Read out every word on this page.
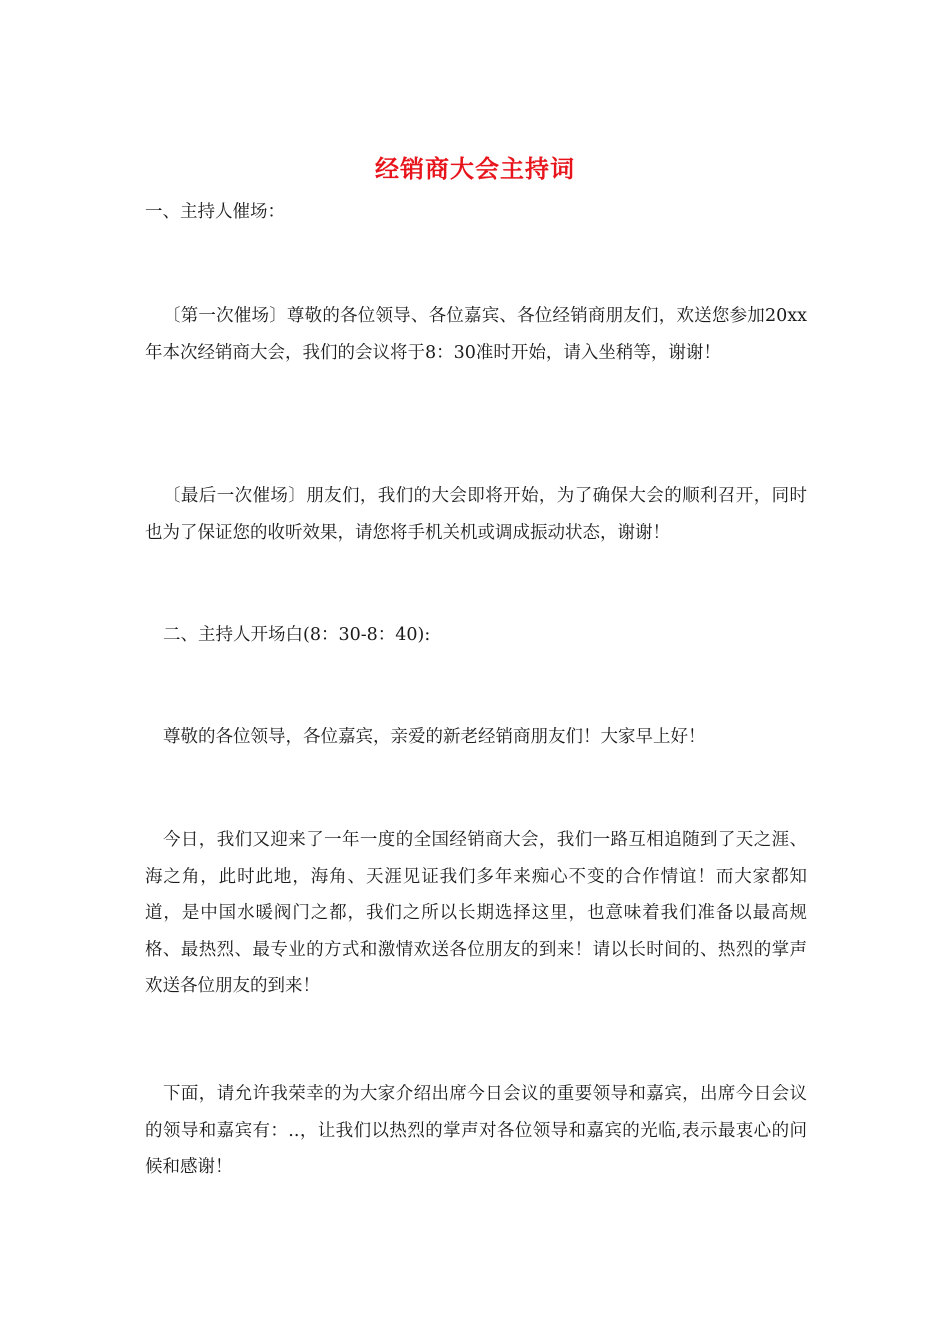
经销商大会主持词

一、主持人催场：

〔第一次催场〕尊敬的各位领导、各位嘉宾、各位经销商朋友们，欢送您参加20xx年本次经销商大会，我们的会议将于8：30准时开始，请入坐稍等，谢谢！

〔最后一次催场〕朋友们，我们的大会即将开始，为了确保大会的顺利召开，同时也为了保证您的收听效果，请您将手机关机或调成振动状态，谢谢！

二、主持人开场白(8：30-8：40):

尊敬的各位领导，各位嘉宾，亲爱的新老经销商朋友们！大家早上好！

今日，我们又迎来了一年一度的全国经销商大会，我们一路互相追随到了天之涯、海之角，此时此地，海角、天涯见证我们多年来痴心不变的合作情谊！而大家都知道，是中国水暖阀门之都，我们之所以长期选择这里，也意味着我们准备以最高规格、最热烈、最专业的方式和激情欢送各位朋友的到来！请以长时间的、热烈的掌声欢送各位朋友的到来！

下面，请允许我荣幸的为大家介绍出席今日会议的重要领导和嘉宾，出席今日会议的领导和嘉宾有：..，让我们以热烈的掌声对各位领导和嘉宾的光临,表示最衷心的问候和感谢！
